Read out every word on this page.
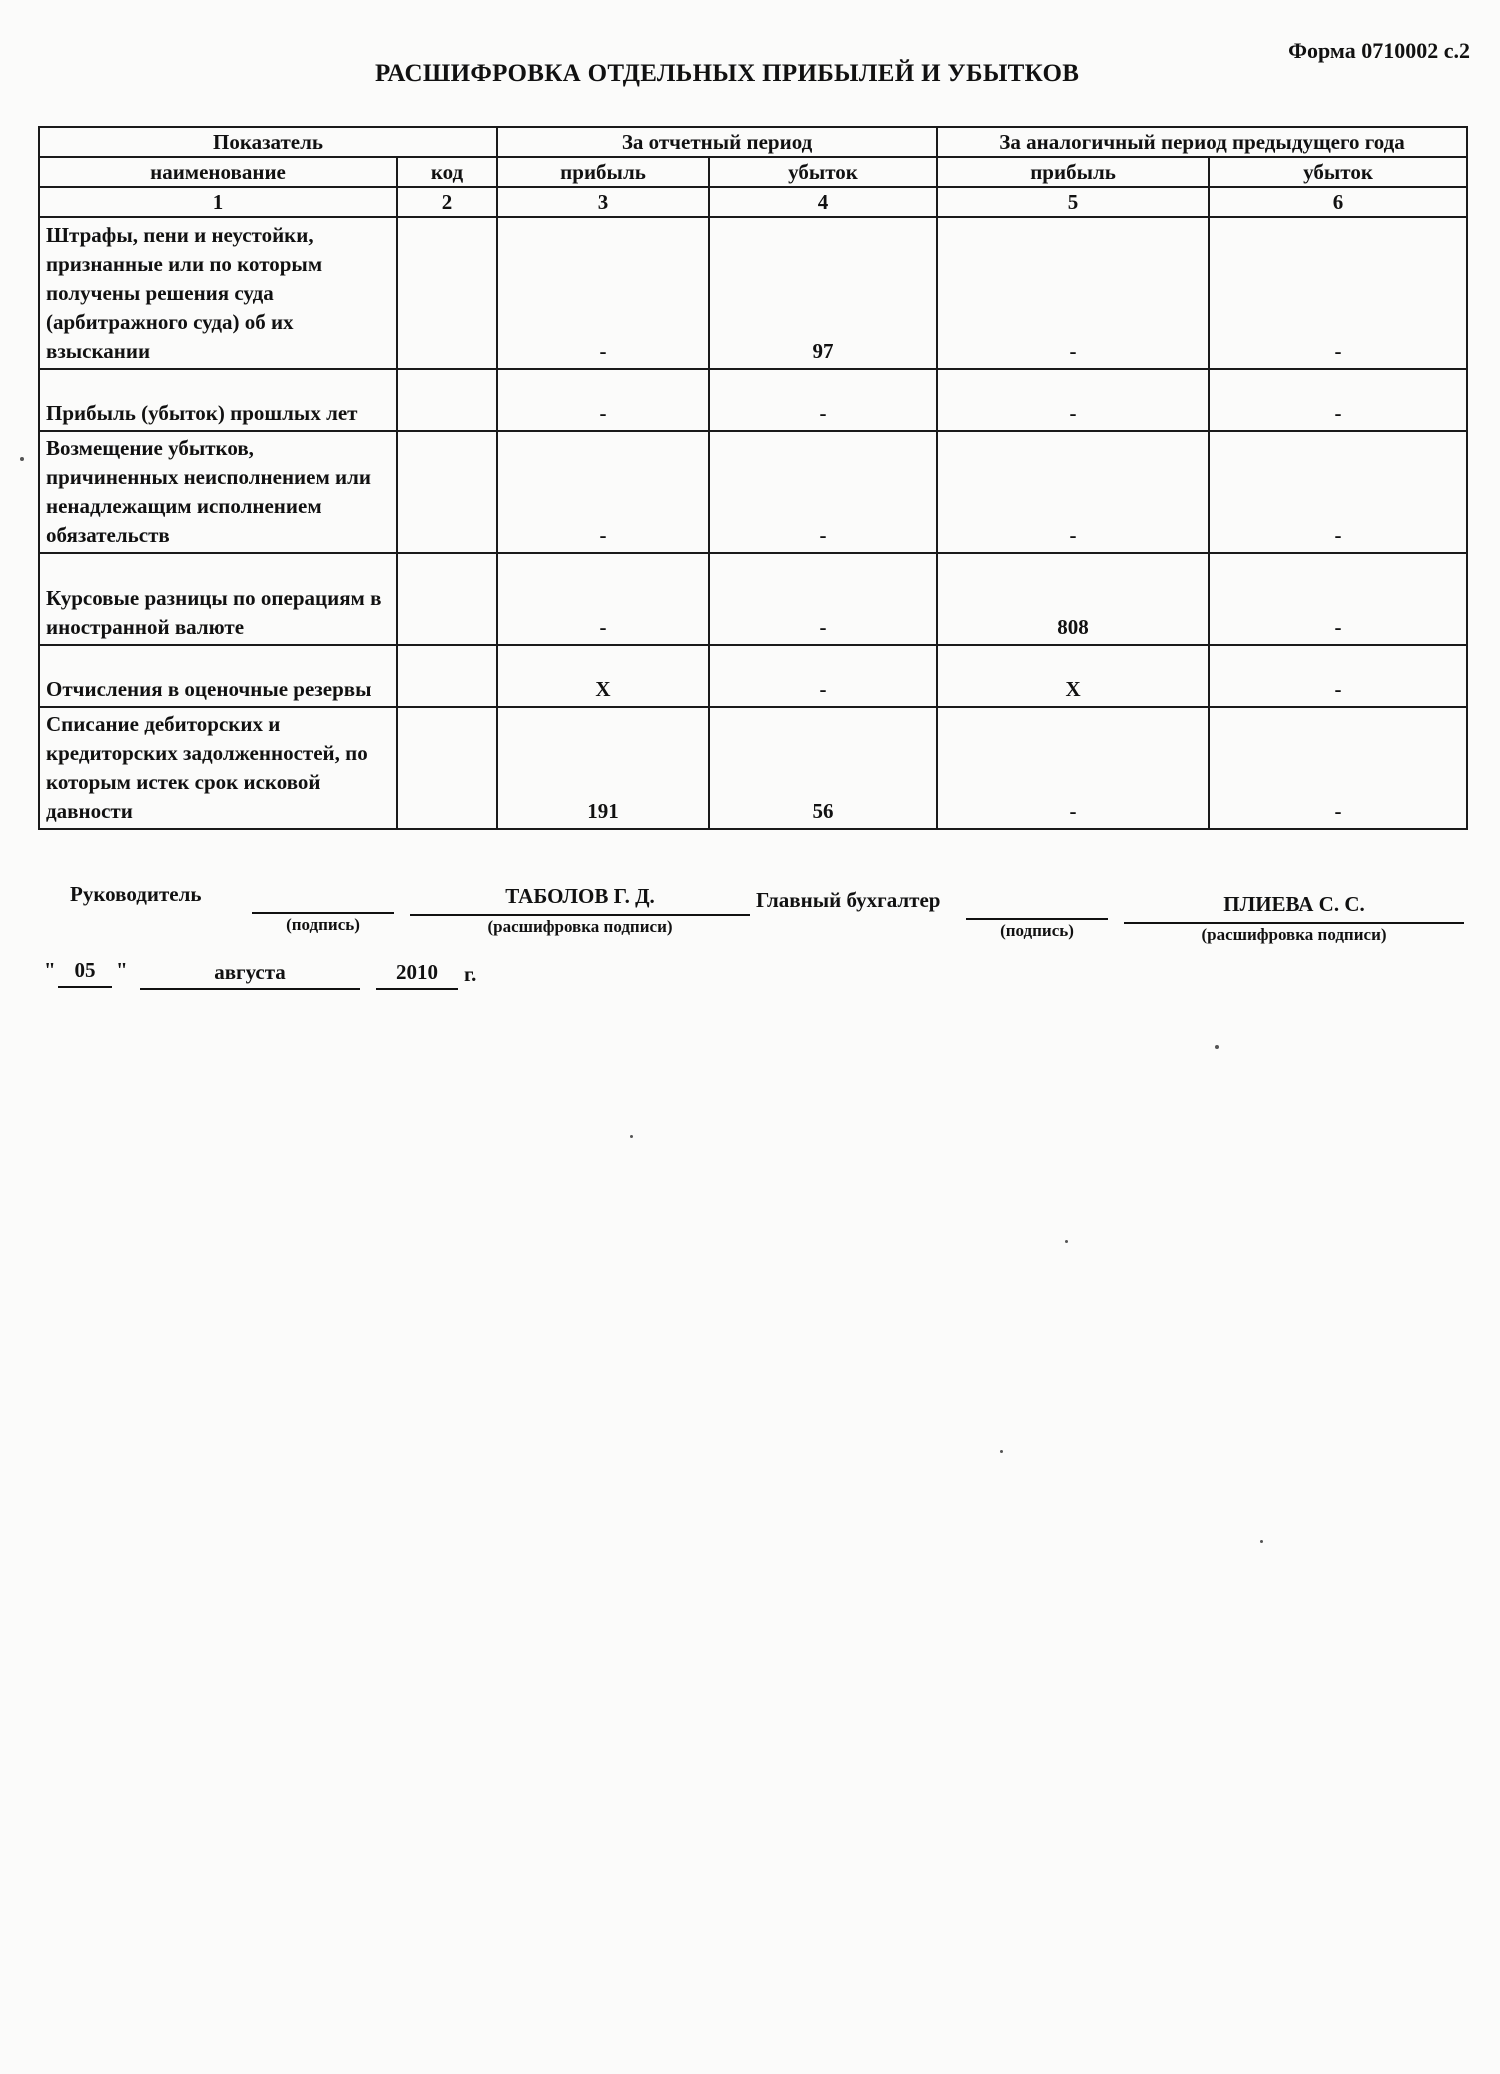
Форма 0710002 с.2
РАСШИФРОВКА ОТДЕЛЬНЫХ ПРИБЫЛЕЙ И УБЫТКОВ
Показатель		За отчетный период		За аналогичный период предыдущего года	
наименование	код	прибыль	убыток	прибыль	убыток
1	2	3	4	5	6
Штрафы, пени и неустойки, признанные или по которым получены решения суда (арбитражного суда) об их взыскании		-	97	-	-
Прибыль (убыток) прошлых лет		-	-	-	-
Возмещение убытков, причиненных неисполнением или ненадлежащим исполнением обязательств		-	-	-	-
Курсовые разницы по операциям в иностранной валюте		-	-	808	-
Отчисления в оценочные резервы		X	-	X	-
Списание дебиторских и кредиторских задолженностей, по которым истек срок исковой давности		191	56	-	-
Руководитель
(подпись)
ТАБОЛОВ Г. Д.
(расшифровка подписи)
Главный бухгалтер
(подпись)
ПЛИЕВА С. С.
(расшифровка подписи)
" 05 "	августа	2010	г.
